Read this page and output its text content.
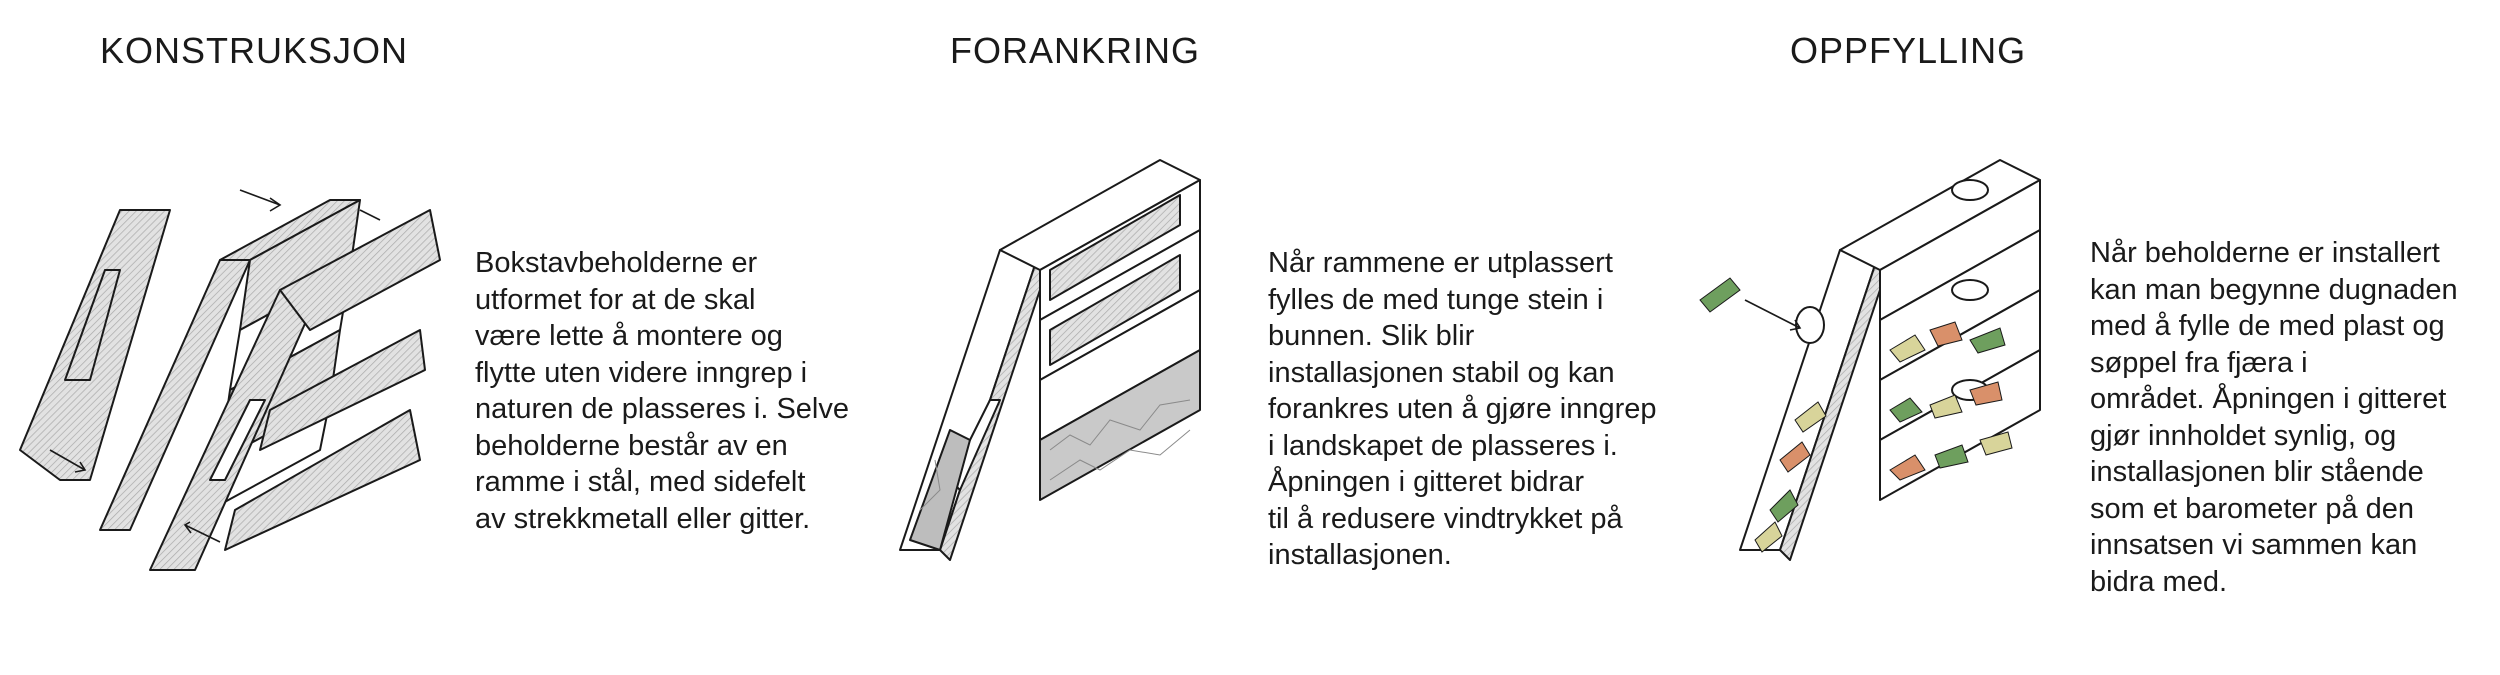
KONSTRUKSJON

Bokstavbeholderne er
utformet for at de skal
være lette å montere og
flytte uten videre inngrep i
naturen de plasseres i. Selve
beholderne består av en
ramme i stål, med sidefelt
av strekkmetall eller gitter.

FORANKRING

Når rammene er utplassert
fylles de med tunge stein i
bunnen. Slik blir
installasjonen stabil og kan
forankres uten å gjøre inngrep
i landskapet de plasseres i.
Åpningen i gitteret bidrar
til å redusere vindtrykket på
installasjonen.

OPPFYLLING

Når beholderne er installert
kan man begynne dugnaden
med å fylle de med plast og
søppel fra fjæra i
området. Åpningen i gitteret
gjør innholdet synlig, og
installasjonen blir stående
som et barometer på den
innsatsen vi sammen kan
bidra med.
